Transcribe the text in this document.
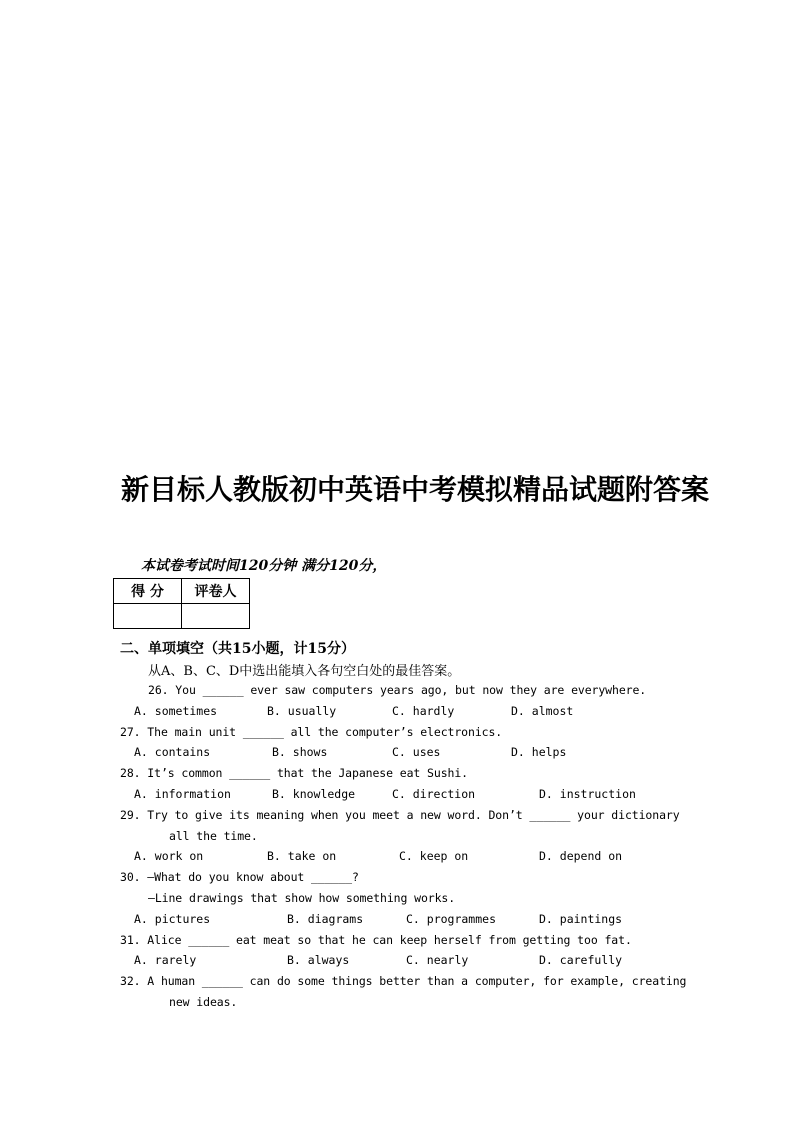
新目标人教版初中英语中考模拟精品试题附答案
本试卷考试时间120分钟 满分120分，
得 分	评卷人

二、单项填空（共15小题，计15分）
从A、B、C、D中选出能填入各句空白处的最佳答案。
26. You ______ ever saw computers years ago, but now they are everywhere.
A. sometimes	B. usually	C. hardly	D. almost
27. The main unit ______ all the computer’s electronics.
A. contains	B. shows	C. uses	D. helps
28. It’s common ______ that the Japanese eat Sushi.
A. information	B. knowledge	C. direction	D. instruction
29. Try to give its meaning when you meet a new word. Don’t ______ your dictionary
all the time.
A. work on	B. take on	C. keep on	D. depend on
30. —What do you know about ______?
—Line drawings that show how something works.
A. pictures	B. diagrams	C. programmes	D. paintings
31. Alice ______ eat meat so that he can keep herself from getting too fat.
A. rarely	B. always	C. nearly	D. carefully
32. A human ______ can do some things better than a computer, for example, creating
new ideas.
